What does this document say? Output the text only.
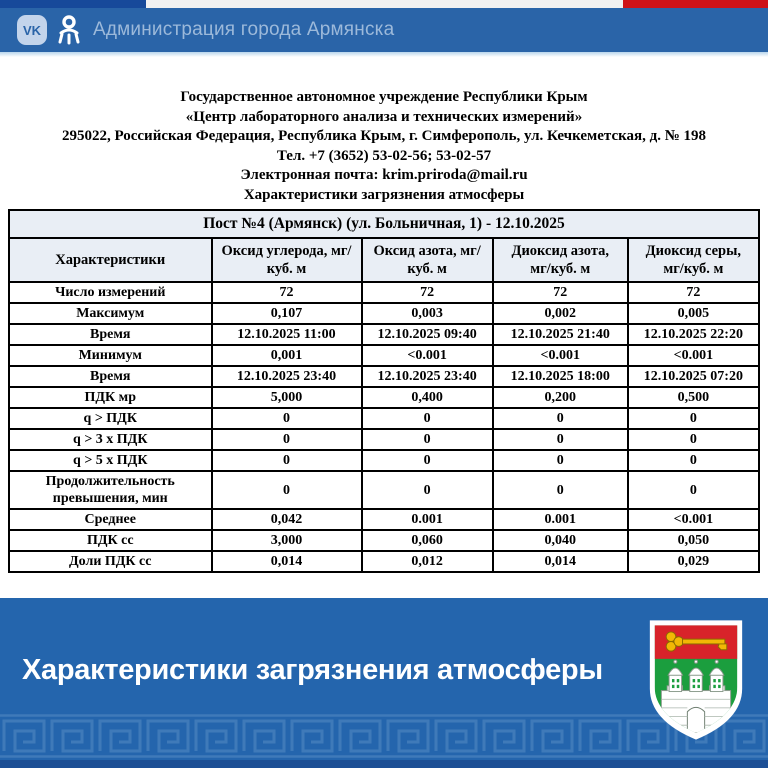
VK	Администрация города Армянска
Государственное автономное учреждение Республики Крым
«Центр лабораторного анализа и технических измерений»
295022, Российская Федерация, Республика Крым, г. Симферополь, ул. Кечкеметская, д. № 198
Тел. +7 (3652) 53-02-56; 53-02-57
Электронная почта: krim.priroda@mail.ru
Характеристики загрязнения атмосферы
Пост №4 (Армянск) (ул. Больничная, 1) - 12.10.2025				
Характеристики	Оксид углерода, мг/куб. м	Оксид азота, мг/куб. м	Диоксид азота, мг/куб. м	Диоксид серы, мг/куб. м
Число измерений	72	72	72	72
Максимум	0,107	0,003	0,002	0,005
Время	12.10.2025 11:00	12.10.2025 09:40	12.10.2025 21:40	12.10.2025 22:20
Минимум	0,001	<0.001	<0.001	<0.001
Время	12.10.2025 23:40	12.10.2025 23:40	12.10.2025 18:00	12.10.2025 07:20
ПДК мр	5,000	0,400	0,200	0,500
q > ПДК	0	0	0	0
q > 3 х ПДК	0	0	0	0
q > 5 х ПДК	0	0	0	0
Продолжительность превышения, мин	0	0	0	0
Среднее	0,042	0.001	0.001	<0.001
ПДК сс	3,000	0,060	0,040	0,050
Доли ПДК сс	0,014	0,012	0,014	0,029
Характеристики загрязнения атмосферы
